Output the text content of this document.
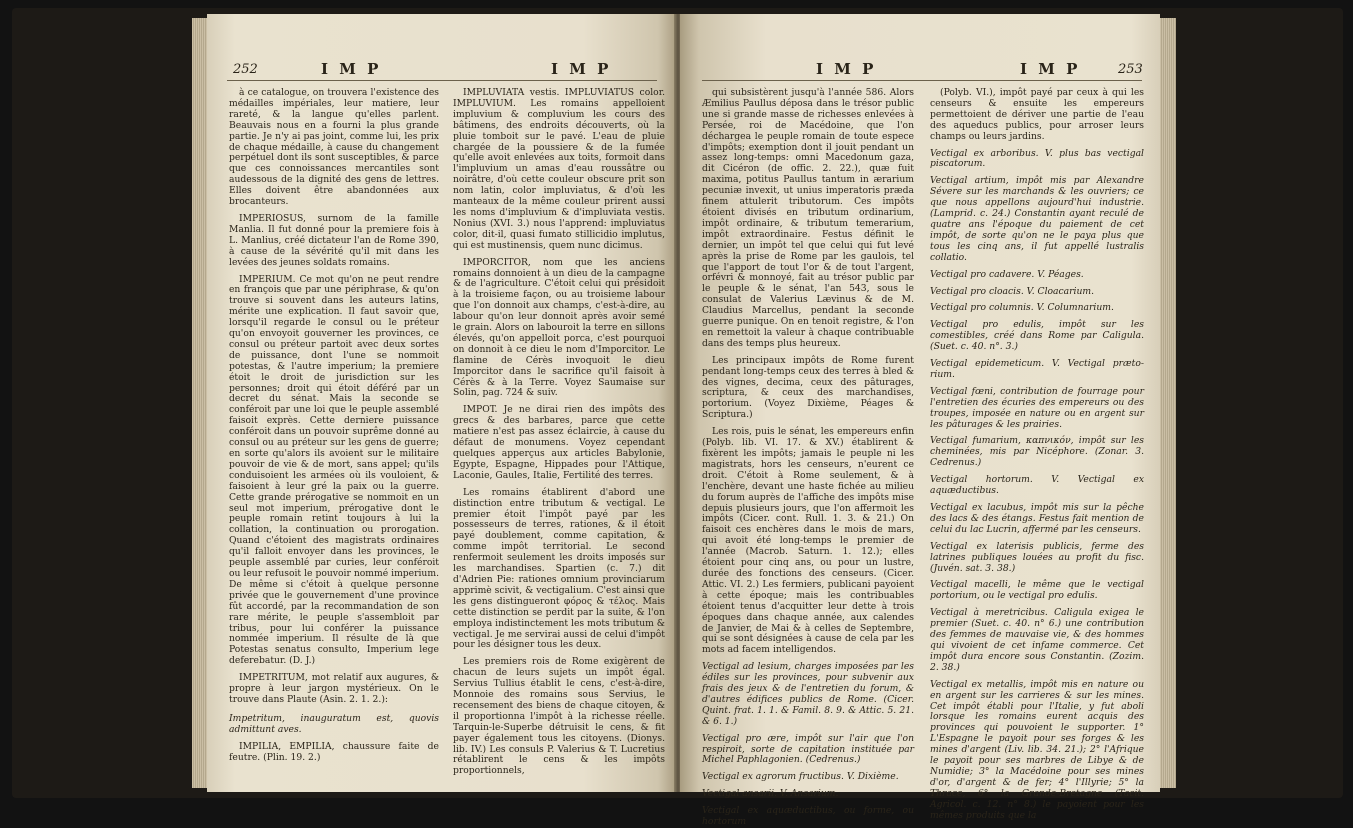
252	I M P	I M P

à ce catalogue, on trouvera l'existence des médailles impériales, leur matiere, leur rareté, & la langue qu'elles parlent. Beauvais nous en a fourni la plus grande partie. Je n'y ai pas joint, comme lui, les prix de chaque médaille, à cause du changement perpétuel dont ils sont susceptibles, & parce que ces connoissances mercantiles sont audessous de la dignité des gens de lettres. Elles doivent être abandonnées aux brocanteurs.

IMPERIOSUS, surnom de la famille Manlia. Il fut donné pour la premiere fois à L. Manlius, créé dictateur l'an de Rome 390, à cause de la sévérité qu'il mit dans les levées des jeunes soldats romains.

IMPERIUM. Ce mot qu'on ne peut rendre en françois que par une périphrase, & qu'on trouve si souvent dans les auteurs latins, mérite une explication. Il faut savoir que, lorsqu'il regarde le consul ou le préteur qu'on envoyoit gouverner les provinces, ce consul ou préteur partoit avec deux sortes de puissance, dont l'une se nommoit potestas, & l'autre imperium; la premiere étoit le droit de jurisdiction sur les personnes; droit qui étoit déféré par un decret du sénat. Mais la seconde se conféroit par une loi que le peuple assemblé faisoit exprès. Cette derniere puissance conféroit dans un pouvoir suprême donné au consul ou au préteur sur les gens de guerre; en sorte qu'alors ils avoient sur le militaire pouvoir de vie & de mort, sans appel; qu'ils conduisoient les armées où ils vouloient, & faisoient à leur gré la paix ou la guerre. Cette grande prérogative se nommoit en un seul mot imperium, prérogative dont le peuple romain retint toujours à lui la collation, la continuation ou prorogation. Quand c'étoient des magistrats ordinaires qu'il falloit envoyer dans les provinces, le peuple assemblé par curies, leur conféroit ou leur refusoit le pouvoir nommé imperium. De même si c'étoit à quelque personne privée que le gouvernement d'une province fût accordé, par la recommandation de son rare mérite, le peuple s'assembloit par tribus, pour lui conférer la puissance nommée imperium. Il résulte de là que Potestas senatus consulto, Imperium lege deferebatur. (D. J.)

IMPETRITUM, mot relatif aux augures, & propre à leur jargon mystérieux. On le trouve dans Plaute (Asin. 2. 1. 2.):

Impetritum, inauguratum est, quovis admittunt aves.

IMPILIA, EMPILIA, chaussure faite de feutre. (Plin. 19. 2.)

IMPLUVIATA vestis. IMPLUVIATUS color. IMPLUVIUM. Les romains appelloient impluvium & compluvium les cours des bâtimens, des endroits découverts, où la pluie tomboit sur le pavé. L'eau de pluie chargée de la poussiere & de la fumée qu'elle avoit enlevées aux toits, formoit dans l'impluvium un amas d'eau roussâtre ou noirâtre, d'où cette couleur obscure prit son nom latin, color impluviatus, & d'où les manteaux de la même couleur prirent aussi les noms d'impluvium & d'impluviata vestis. Nonius (XVI. 3.) nous l'apprend: impluviatus color, dit-il, quasi fumato stillicidio implutus, qui est mustinensis, quem nunc dicimus.

IMPORCITOR, nom que les anciens romains donnoient à un dieu de la campagne & de l'agriculture. C'étoit celui qui présidoit à la troisieme façon, ou au troisieme labour que l'on donnoit aux champs, c'est-à-dire, au labour qu'on leur donnoit après avoir semé le grain. Alors on labouroit la terre en sillons élevés, qu'on appelloit porca, c'est pourquoi on donnoit à ce dieu le nom d'Imporcitor. Le flamine de Cérès invoquoit le dieu Imporcitor dans le sacrifice qu'il faisoit à Cérès & à la Terre. Voyez Saumaise sur Solin, pag. 724 & suiv.

IMPOT. Je ne dirai rien des impôts des grecs & des barbares, parce que cette matiere n'est pas assez éclaircie, à cause du défaut de monumens. Voyez cependant quelques apperçus aux articles Babylonie, Egypte, Espagne, Hippades pour l'Attique, Laconie, Gaules, Italie, Fertilité des terres.

Les romains établirent d'abord une distinction entre tributum & vectigal. Le premier étoit l'impôt payé par les possesseurs de terres, rationes, & il étoit payé doublement, comme capitation, & comme impôt territorial. Le second renfermoit seulement les droits imposés sur les marchandises. Spartien (c. 7.) dit d'Adrien Pie: rationes omnium provinciarum apprimè scivit, & vectigalium. C'est ainsi que les gens distingueront φόρος & τέλος. Mais cette distinction se perdit par la suite, & l'on employa indistinctement les mots tributum & vectigal. Je me servirai aussi de celui d'impôt pour les désigner tous les deux.

Les premiers rois de Rome exigèrent de chacun de leurs sujets un impôt égal. Servius Tullius établit le cens, c'est-à-dire, Monnoie des romains sous Servius, le recensement des biens de chaque citoyen, & il proportionna l'impôt à la richesse réelle. Tarquin-le-Superbe détruisit le cens, & fit payer également tous les citoyens. (Dionys. lib. IV.) Les consuls P. Valerius & T. Lucretius rétablirent le cens & les impôts proportionnels,

I M P	I M P	253

qui subsistèrent jusqu'à l'année 586. Alors Æmilius Paullus déposa dans le trésor public une si grande masse de richesses enlevées à Persée, roi de Macédoine, que l'on déchargea le peuple romain de toute espece d'impôts; exemption dont il jouit pendant un assez long-temps: omni Macedonum gaza, dit Cicéron (de offic. 2. 22.), quæ fuit maxima, potitus Paullus tantum in ærarium pecuniæ invexit, ut unius imperatoris præda finem attulerit tributorum. Ces impôts étoient divisés en tributum ordinarium, impôt ordinaire, & tributum temerarium, impôt extraordinaire. Festus définit le dernier, un impôt tel que celui qui fut levé après la prise de Rome par les gaulois, tel que l'apport de tout l'or & de tout l'argent, orfévri & monnoyé, fait au trésor public par le peuple & le sénat, l'an 543, sous le consulat de Valerius Lævinus & de M. Claudius Marcellus, pendant la seconde guerre punique. On en tenoit registre, & l'on en remettoit la valeur à chaque contribuable dans des temps plus heureux.

Les principaux impôts de Rome furent pendant long-temps ceux des terres à bled & des vignes, decima, ceux des pâturages, scriptura, & ceux des marchandises, portorium. (Voyez Dixième, Péages & Scriptura.)

Les rois, puis le sénat, les empereurs enfin (Polyb. lib. VI. 17. & XV.) établirent & fixèrent les impôts; jamais le peuple ni les magistrats, hors les censeurs, n'eurent ce droit. C'étoit à Rome seulement, & à l'enchère, devant une haste fichée au milieu du forum auprès de l'affiche des impôts mise depuis plusieurs jours, que l'on affermoit les impôts (Cicer. cont. Rull. 1. 3. & 21.) On faisoit ces enchères dans le mois de mars, qui avoit été long-temps le premier de l'année (Macrob. Saturn. 1. 12.); elles étoient pour cinq ans, ou pour un lustre, durée des fonctions des censeurs. (Cicer. Attic. VI. 2.) Les fermiers, publicani payoient à cette époque; mais les contribuables étoient tenus d'acquitter leur dette à trois époques dans chaque année, aux calendes de Janvier, de Mai & à celles de Septembre, qui se sont désignées à cause de cela par les mots ad facem intelligendos.

Vectigal ad lesium, charges imposées par les édiles sur les provinces, pour subvenir aux frais des jeux & de l'entretien du forum, & d'autres édifices publics de Rome. (Cicer. Quint. frat. 1. 1. & Famil. 8. 9. & Attic. 5. 21. & 6. 1.)

Vectigal pro ære, impôt sur l'air que l'on respiroit, sorte de capitation instituée par Michel Paphlagonien. (Cedrenus.)

Vectigal ex agrorum fructibus. V. Dixième.

Vectigal ansarii. V. Ansarium.

Vectigal ex aquæductibus, ou forme, ou hortorum

(Polyb. VI.), impôt payé par ceux à qui les censeurs & ensuite les empereurs permettoient de dériver une partie de l'eau des aqueducs publics, pour arroser leurs champs ou leurs jardins.

Vectigal ex arboribus. V. plus bas vectigal piscatorum.

Vectigal artium, impôt mis par Alexandre Sévere sur les marchands & les ouvriers; ce que nous appellons aujourd'hui industrie. (Lamprid. c. 24.) Constantin ayant reculé de quatre ans l'époque du paiement de cet impôt, de sorte qu'on ne le paya plus que tous les cinq ans, il fut appellé lustralis collatio.

Vectigal pro cadavere. V. Péages.

Vectigal pro cloacis. V. Cloacarium.

Vectigal pro columnis. V. Columnarium.

Vectigal pro edulis, impôt sur les comestibles, créé dans Rome par Caligula. (Suet. c. 40. n°. 3.)

Vectigal epidemeticum. V. Vectigal prætorium.

Vectigal fœni, contribution de fourrage pour l'entretien des écuries des empereurs ou des troupes, imposée en nature ou en argent sur les pâturages & les prairies.

Vectigal fumarium, καπνικόν, impôt sur les cheminées, mis par Nicéphore. (Zonar. 3. Cedrenus.)

Vectigal hortorum. V. Vectigal ex aquæductibus.

Vectigal ex lacubus, impôt mis sur la pêche des lacs & des étangs. Festus fait mention de celui du lac Lucrin, affermé par les censeurs.

Vectigal ex laterisis publicis, ferme des latrines publiques louées au profit du fisc. (Juvén. sat. 3. 38.)

Vectigal macelli, le même que le vectigal portorium, ou le vectigal pro edulis.

Vectigal à meretricibus. Caligula exigea le premier (Suet. c. 40. n° 6.) une contribution des femmes de mauvaise vie, & des hommes qui vivoient de cet infame commerce. Cet impôt dura encore sous Constantin. (Zozim. 2. 38.)

Vectigal ex metallis, impôt mis en nature ou en argent sur les carrieres & sur les mines. Cet impôt établi pour l'Italie, y fut aboli lorsque les romains eurent acquis des provinces qui pouvoient le supporter. 1° L'Espagne le payoit pour ses forges & les mines d'argent (Liv. lib. 34. 21.); 2° l'Afrique le payoit pour ses marbres de Libye & de Numidie; 3° la Macédoine pour ses mines d'or, d'argent & de fer; 4° l'Illyrie; 5° la Thrace, 6° la Grande-Bretagne (Tacit. Agricol. c. 12. n° 8.) le payoient pour les mêmes produits que la
